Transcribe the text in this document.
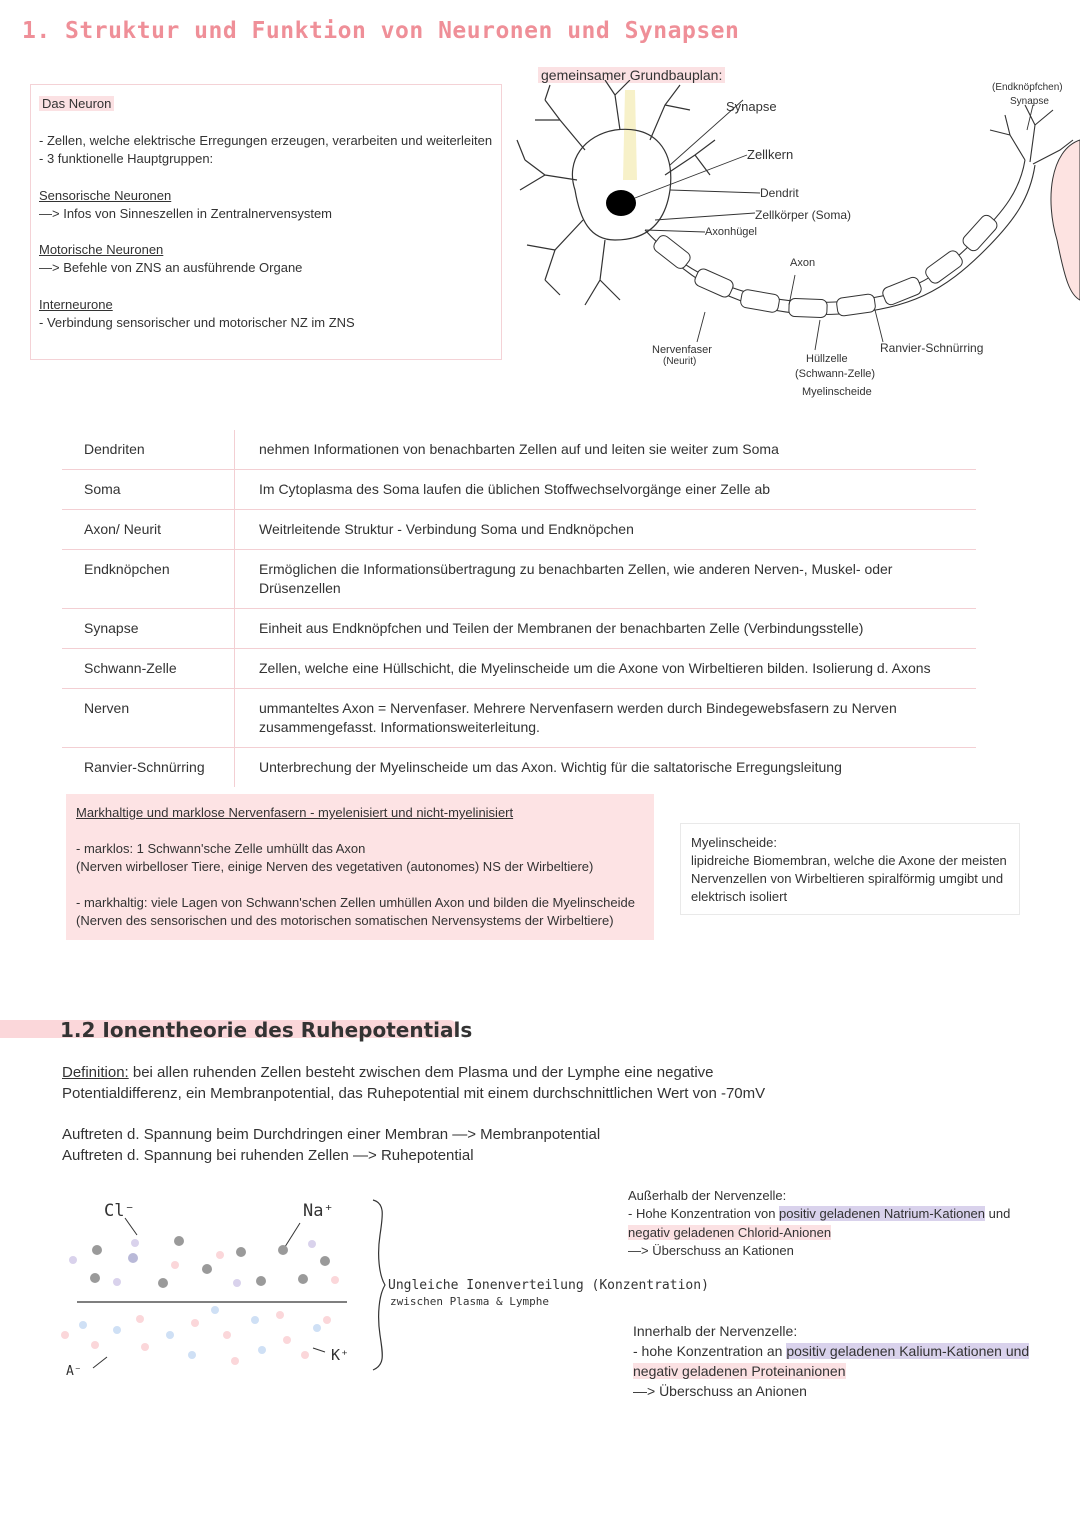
1. Struktur und Funktion von Neuronen und Synapsen
Das Neuron
- Zellen, welche elektrische Erregungen erzeugen, verarbeiten und weiterleiten
- 3 funktionelle Hauptgruppen:
Sensorische Neuronen
—> Infos von Sinneszellen in Zentralnervensystem
Motorische Neuronen
—> Befehle von ZNS an ausführende Organe
Interneurone
- Verbindung sensorischer und motorischer NZ im ZNS
gemeinsamer Grundbauplan:
Synapse
Zellkern
Dendrit
Zellkörper (Soma)
Axonhügel
Axon
Nervenfaser
(Neurit)	Hüllzelle
(Schwann-Zelle)
Myelinscheide
Ranvier-Schnürring
(Endknöpfchen)
Synapse
Dendriten	nehmen Informationen von benachbarten Zellen auf und leiten sie weiter zum Soma
Soma	Im Cytoplasma des Soma laufen die üblichen Stoffwechselvorgänge einer Zelle ab
Axon/ Neurit	Weitrleitende Struktur - Verbindung Soma und Endknöpchen
Endknöpchen	Ermöglichen die Informationsübertragung zu benachbarten Zellen, wie anderen Nerven-, Muskel- oder Drüsenzellen
Synapse	Einheit aus Endknöpfchen und Teilen der Membranen der benachbarten Zelle (Verbindungsstelle)
Schwann-Zelle	Zellen, welche eine Hüllschicht, die Myelinscheide um die Axone von Wirbeltieren bilden. Isolierung d. Axons
Nerven	ummanteltes Axon = Nervenfaser. Mehrere Nervenfasern werden durch Bindegewebsfasern zu Nerven zusammengefasst. Informationsweiterleitung.
Ranvier-Schnürring	Unterbrechung der Myelinscheide um das Axon. Wichtig für die saltatorische Erregungsleitung
Markhaltige und marklose Nervenfasern - myelenisiert und nicht-myelinisiert
- marklos: 1 Schwann'sche Zelle umhüllt das Axon
(Nerven wirbelloser Tiere, einige Nerven des vegetativen (autonomes) NS der Wirbeltiere)
- markhaltig: viele Lagen von Schwann'schen Zellen umhüllen Axon und bilden die Myelinscheide
(Nerven des sensorischen und des motorischen somatischen Nervensystems der Wirbeltiere)
Myelinscheide:
lipidreiche Biomembran, welche die Axone der meisten
Nervenzellen von Wirbeltieren spiralförmig umgibt und
elektrisch isoliert
1.2 Ionentheorie des Ruhepotentials
Definition: bei allen ruhenden Zellen besteht zwischen dem Plasma und der Lymphe eine negative
Potentialdifferenz, ein Membranpotential, das Ruhepotential mit einem durchschnittlichen Wert von -70mV
Auftreten d. Spannung beim Durchdringen einer Membran —> Membranpotential
Auftreten d. Spannung bei ruhenden Zellen —> Ruhepotential
Cl⁻	Na⁺
A⁻
K⁺
Ungleiche Ionenverteilung (Konzentration)
zwischen Plasma & Lymphe
Außerhalb der Nervenzelle:
- Hohe Konzentration von positiv geladenen Natrium-Kationen und
negativ geladenen Chlorid-Anionen
—> Überschuss an Kationen
Innerhalb der Nervenzelle:
- hohe Konzentration an positiv geladenen Kalium-Kationen und
negativ geladenen Proteinanionen
—> Überschuss an Anionen
